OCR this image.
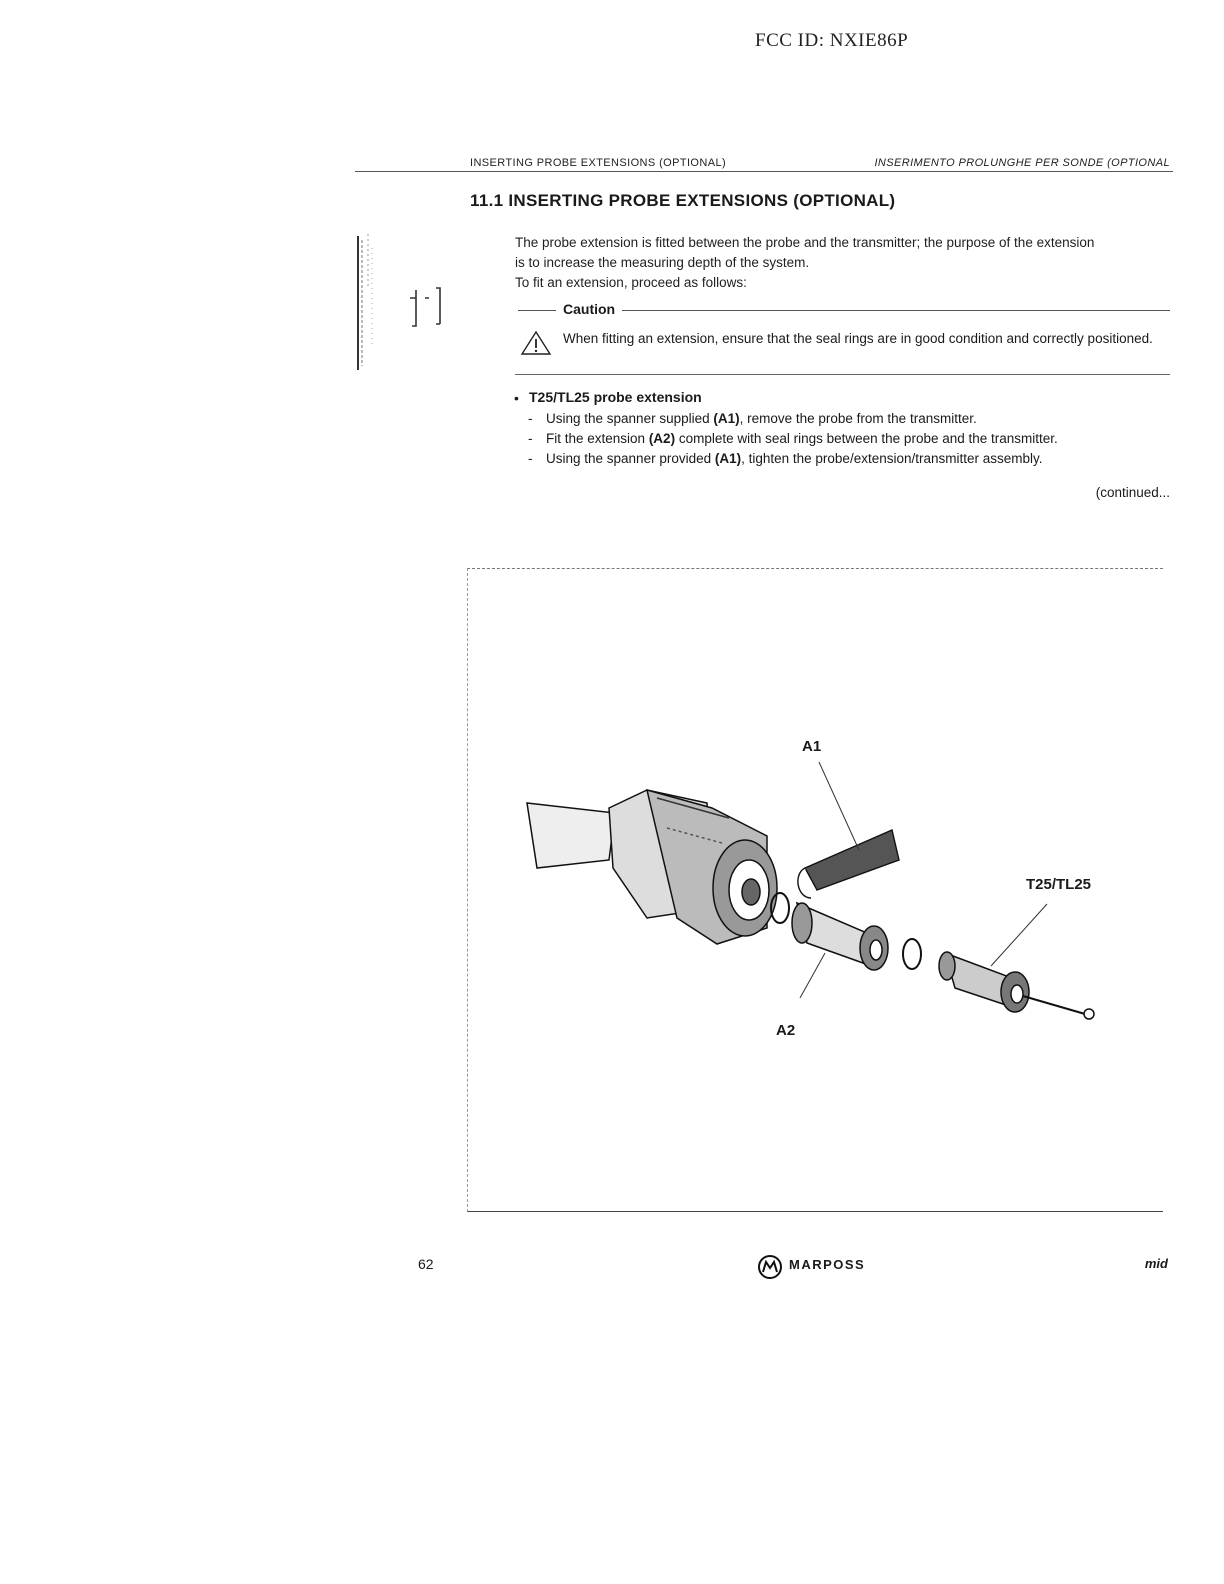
FCC ID: NXIE86P
INSERTING PROBE EXTENSIONS (OPTIONAL)	INSERIMENTO PROLUNGHE PER SONDE (OPTIONAL
11.1 INSERTING PROBE EXTENSIONS (OPTIONAL)
The probe extension is fitted between the probe and the transmitter; the purpose of the extension
is to increase the measuring depth of the system.
To fit an extension, proceed as follows:
Caution
When fitting an extension, ensure that the seal rings are in good condition and correctly positioned.
• T25/TL25 probe extension
- Using the spanner supplied (A1), remove the probe from the transmitter.
- Fit the extension (A2) complete with seal rings between the probe and the transmitter.
- Using the spanner provided (A1), tighten the probe/extension/transmitter assembly.
(continued...
A1
A2
T25/TL25
62	MARPOSS	mid
